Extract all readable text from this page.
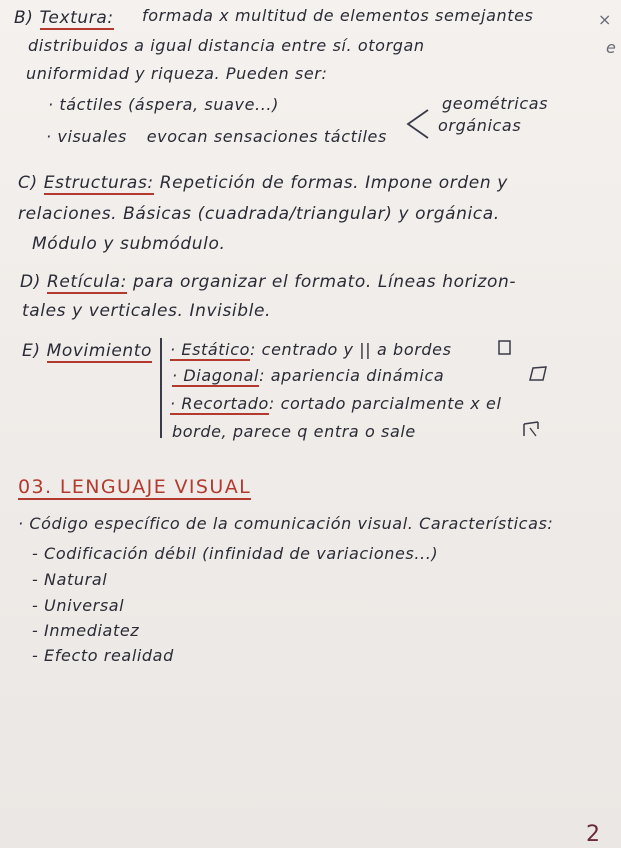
B) Textura: formada x multitud de elementos semejantes	×
e
distribuidos a igual distancia entre sí. otorgan
uniformidad y riqueza. Pueden ser:
· táctiles (áspera, suave...)	geométricas
· visuales evocan sensaciones táctiles
orgánicas
C) Estructuras: Repetición de formas. Impone orden y
relaciones. Básicas (cuadrada/triangular) y orgánica.
Módulo y submódulo.
D) Retícula: para organizar el formato. Líneas horizon-
tales y verticales. Invisible.
E) Movimiento · Estático: centrado y || a bordes
· Diagonal: apariencia dinámica
· Recortado: cortado parcialmente x el
borde, parece q entra o sale
03. LENGUAJE VISUAL
· Código específico de la comunicación visual. Características:
- Codificación débil (infinidad de variaciones...)
- Natural
- Universal
- Inmediatez
- Efecto realidad
2
